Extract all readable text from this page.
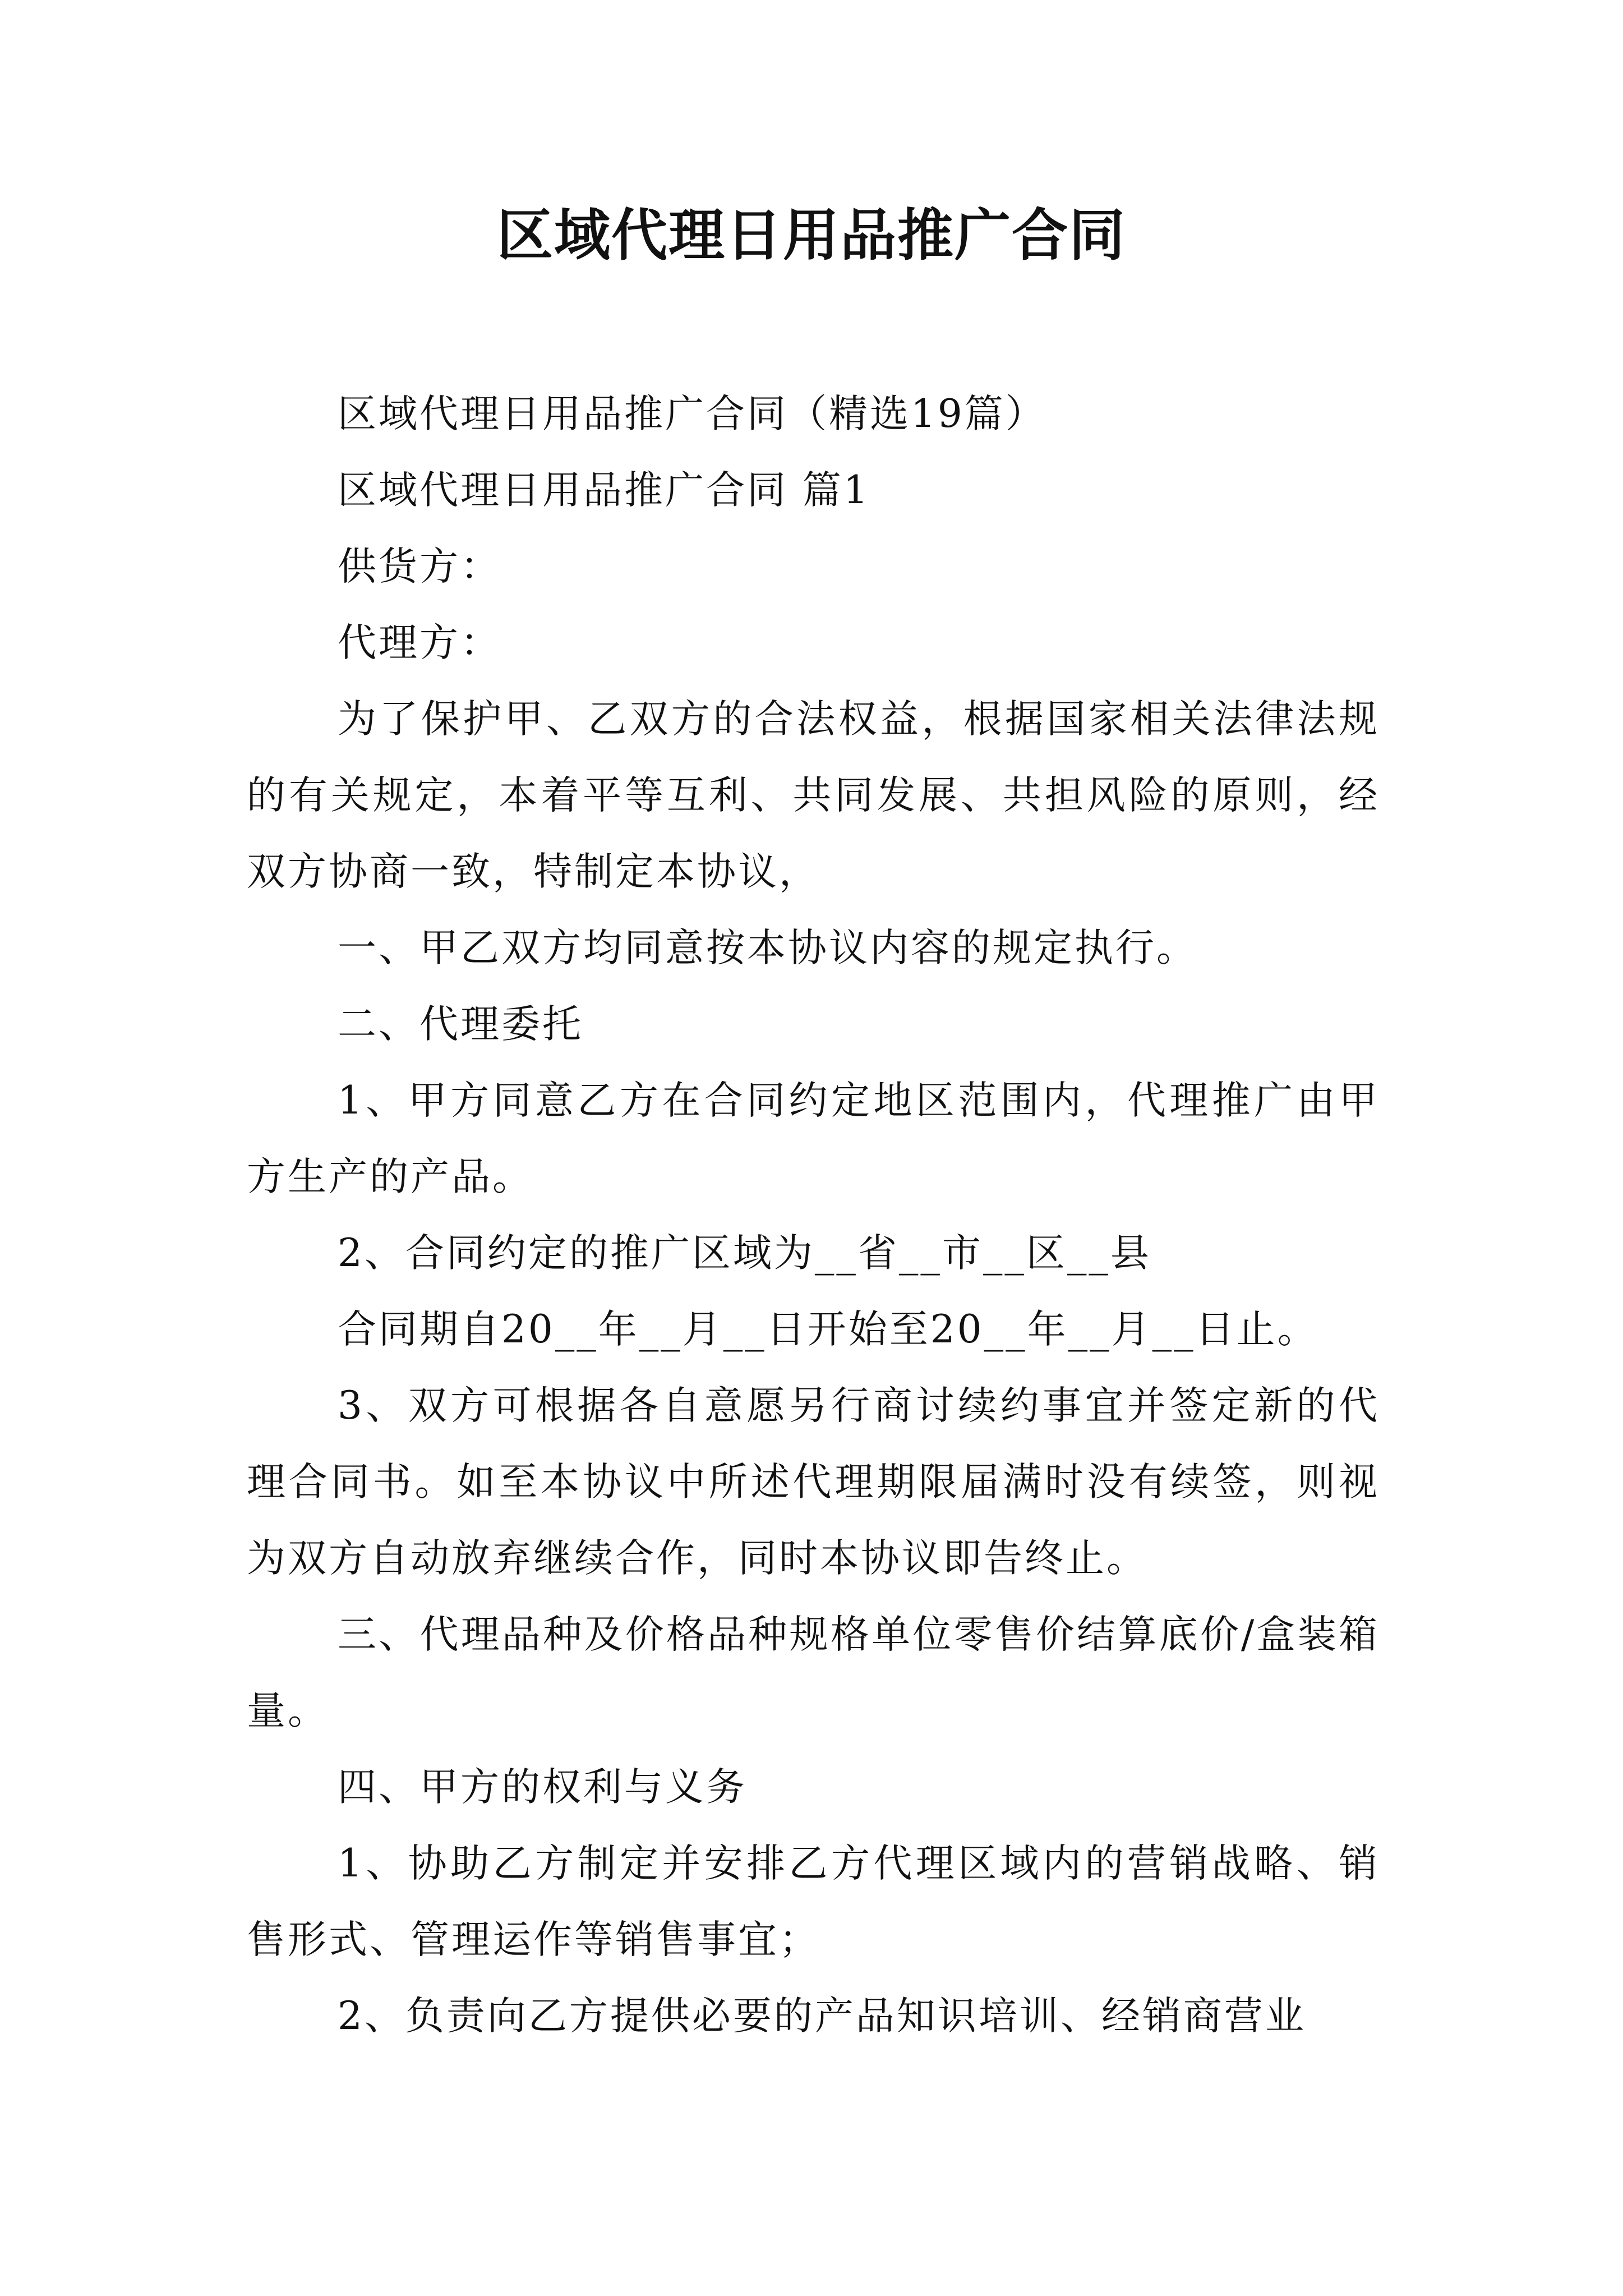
区域代理日用品推广合同

区域代理日用品推广合同（精选19篇）

区域代理日用品推广合同 篇1

供货方：

代理方：

为了保护甲、乙双方的合法权益，根据国家相关法律法规的有关规定，本着平等互利、共同发展、共担风险的原则，经双方协商一致，特制定本协议，

一、甲乙双方均同意按本协议内容的规定执行。

二、代理委托

1、甲方同意乙方在合同约定地区范围内，代理推广由甲方生产的产品。

2、合同约定的推广区域为__省__市__区__县

合同期自20__年__月__日开始至20__年__月__日止。

3、双方可根据各自意愿另行商讨续约事宜并签定新的代理合同书。如至本协议中所述代理期限届满时没有续签，则视为双方自动放弃继续合作，同时本协议即告终止。

三、代理品种及价格品种规格单位零售价结算底价/盒装箱量。

四、甲方的权利与义务

1、协助乙方制定并安排乙方代理区域内的营销战略、销售形式、管理运作等销售事宜；

2、负责向乙方提供必要的产品知识培训、经销商营业
